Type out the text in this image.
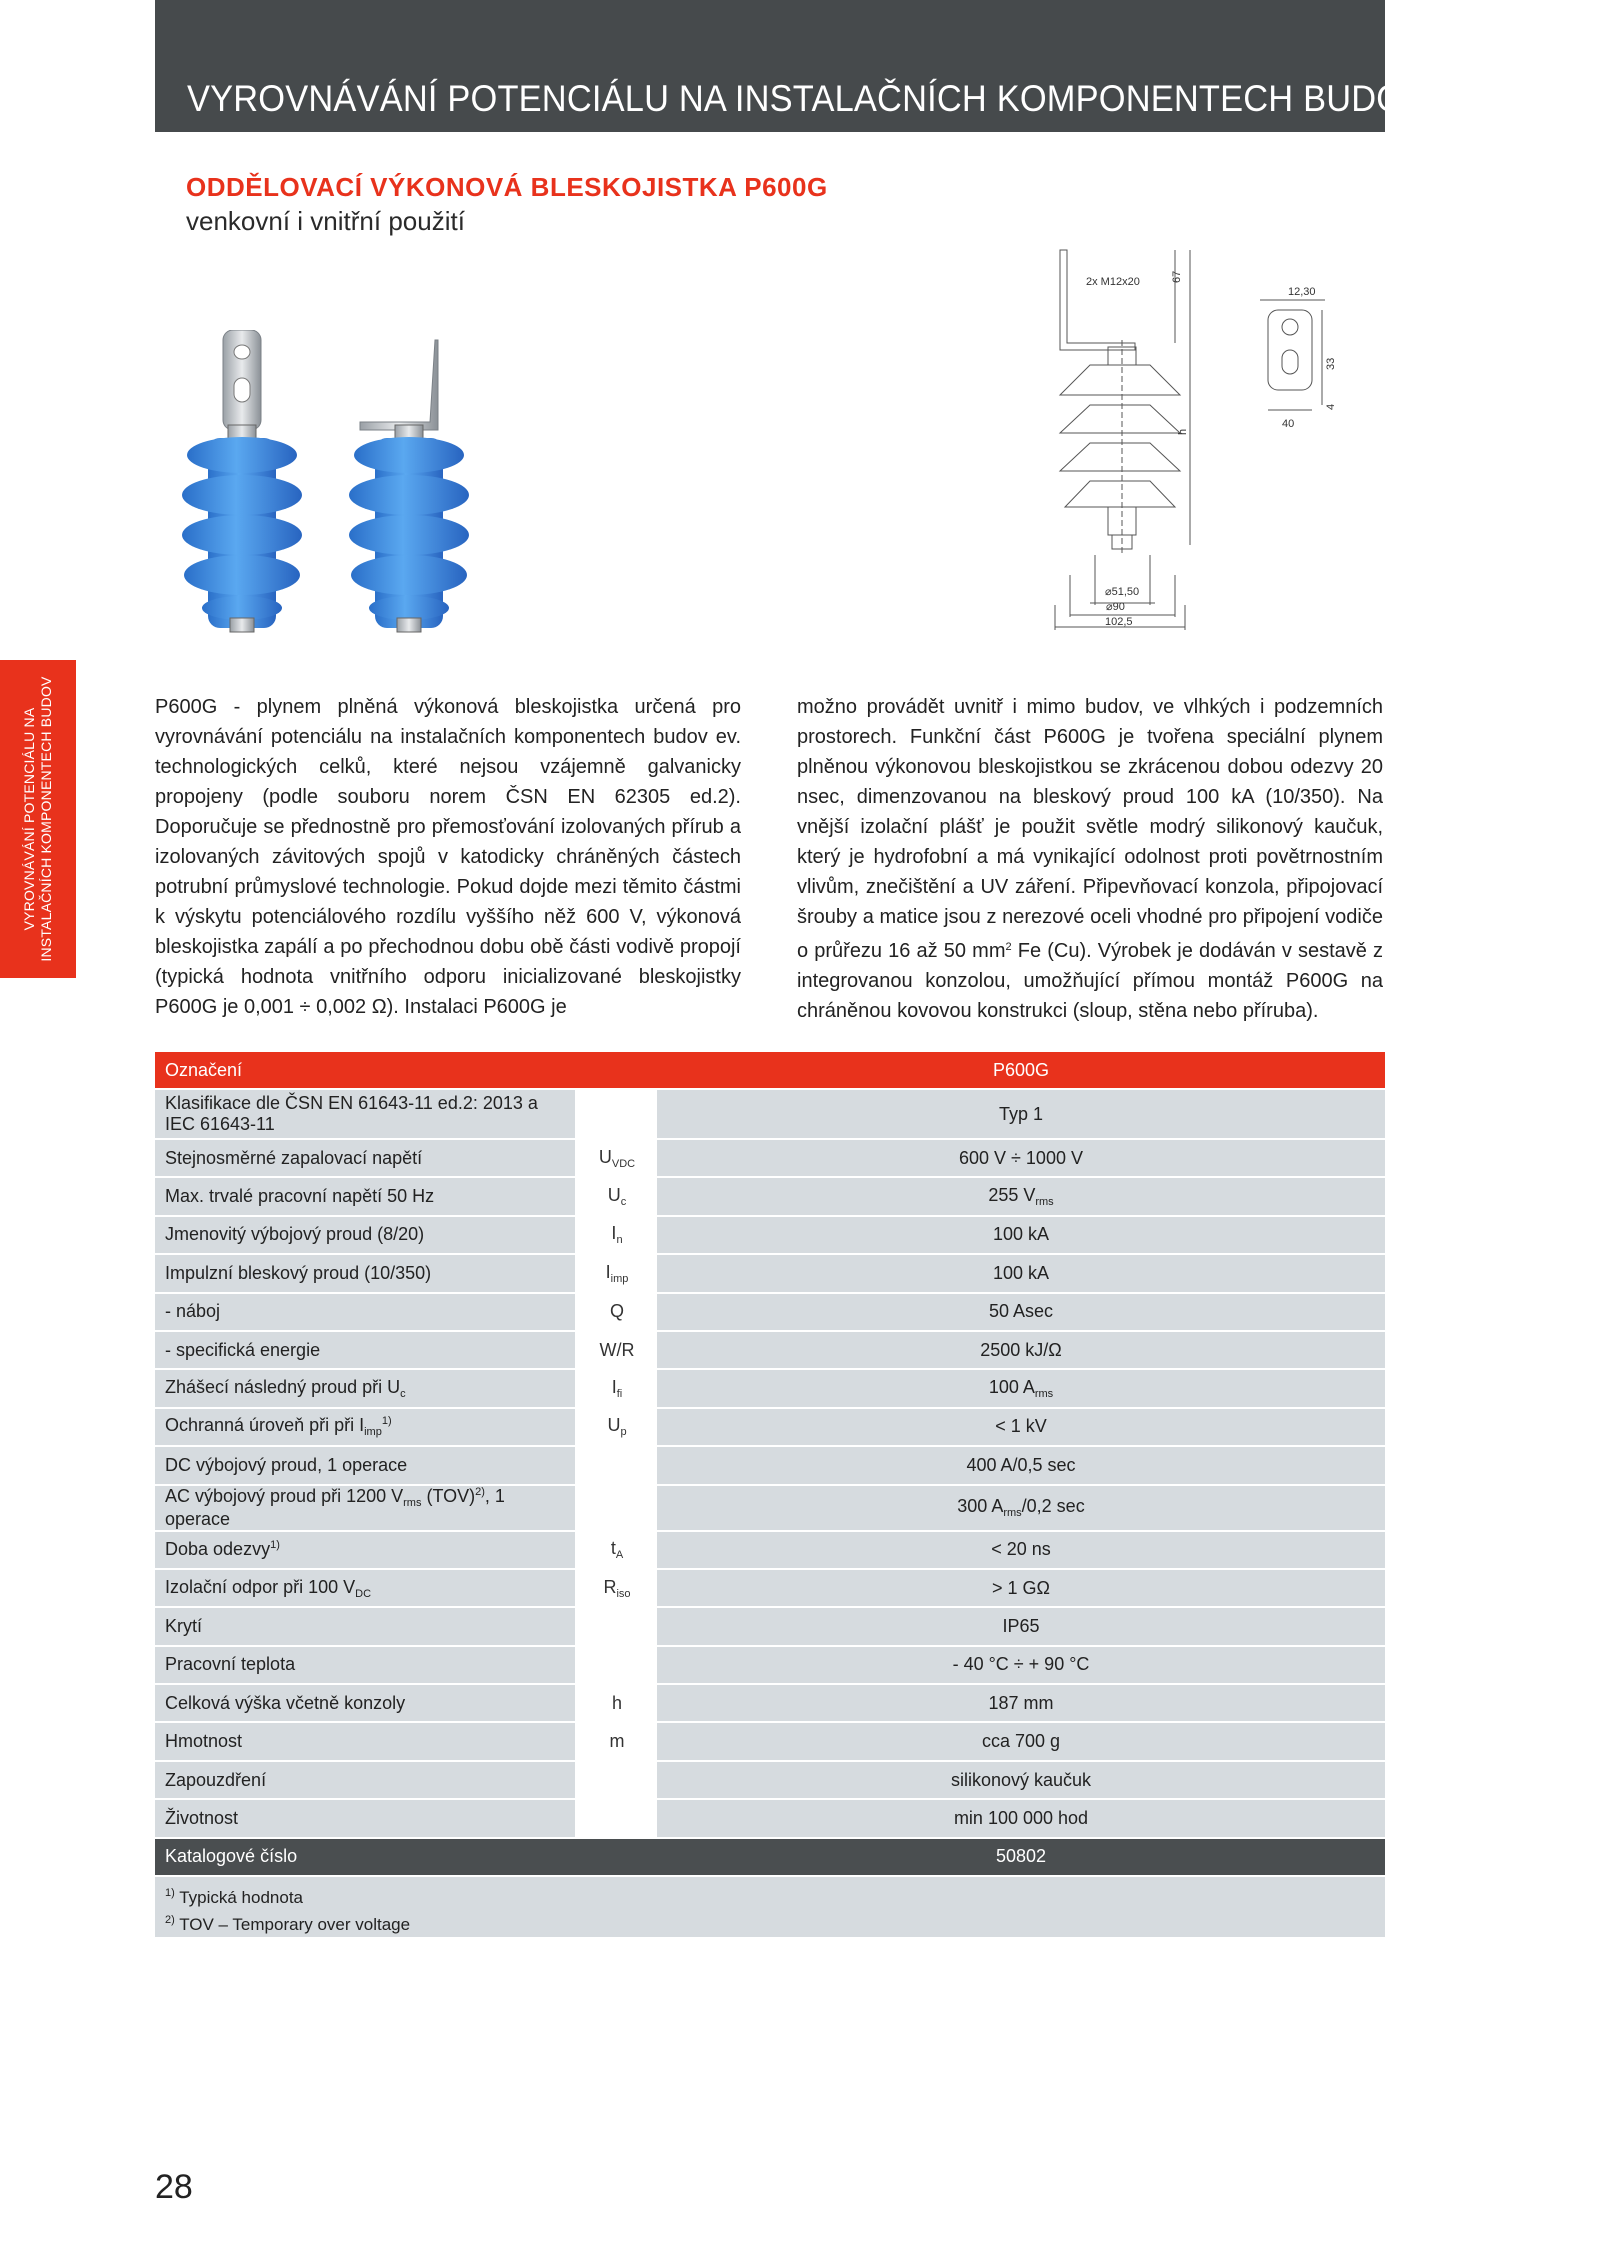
VYROVNÁVÁNÍ POTENCIÁLU NA INSTALAČNÍCH KOMPONENTECH BUDOV
ODDĚLOVACÍ VÝKONOVÁ BLESKOJISTKA P600G
venkovní i vnitřní použití
2x M12x20	67
h
⌀51,50
⌀90
102,5
12,30
33
4
40
VYROVNÁVÁNÍ POTENCIÁLU NA INSTALAČNÍCH KOMPONENTECH BUDOV	P600G - plynem plněná výkonová bleskojistka určená pro vyrovnávání potenciálu na instalačních komponentech budov ev. technologických celků, které nejsou vzájemně galvanicky propojeny (podle souboru norem ČSN EN 62305 ed.2). Doporučuje se přednostně pro přemosťování izolovaných přírub a izolovaných závitových spojů v katodicky chráněných částech potrubní průmyslové technologie. Pokud dojde mezi těmito částmi k výskytu potenciálového rozdílu vyššího něž 600 V, výkonová bleskojistka zapálí a po přechodnou dobu obě části vodivě propojí (typická hodnota vnitřního odporu inicializované bleskojistky P600G je 0,001 ÷ 0,002 Ω). Instalaci P600G je
možno provádět uvnitř i mimo budov, ve vlhkých i podzemních prostorech. Funkční část P600G je tvořena speciální plynem plněnou výkonovou bleskojistkou se zkrácenou dobou odezvy 20 nsec, dimenzovanou na bleskový proud 100 kA (10/350). Na vnější izolační plášť je použit světle modrý silikonový kaučuk, který je hydrofobní a má vynikající odolnost proti povětrnostním vlivům, znečištění a UV záření. Připevňovací konzola, připojovací šrouby a matice jsou z nerezové oceli vhodné pro připojení vodiče o průřezu 16 až 50 $mm^2$ Fe (Cu). Výrobek je dodáván v sestavě z integrovanou konzolou, umožňující přímou montáž P600G na chráněnou kovovou konstrukci (sloup, stěna nebo příruba).
Označení		P600G
Klasifikace dle ČSN EN 61643-11 ed.2: 2013 a IEC 61643-11		Typ 1
Stejnosměrné zapalovací napětí	$U_{VDC}$	600 V ÷ 1000 V
Max. trvalé pracovní napětí 50 Hz	$U_c$	255 $V_{rms}$
Jmenovitý výbojový proud (8/20)	$I_n$	100 kA
Impulzní bleskový proud (10/350)	$I_{imp}$	100 kA
- náboj	Q	50 Asec
- specifická energie	W/R	2500 kJ/Ω
Zhášecí následný proud při $U_c$	$I_{fi}$	100 $A_{rms}$
Ochranná úroveň při při $I_{imp}^{1)}$	$U_p$	< 1 kV
DC výbojový proud, 1 operace		400 A/0,5 sec
AC výbojový proud při 1200 $V_{rms}$ (TOV)$^{2)}$, 1 operace		300 $A_{rms}/0,2$ sec
Doba odezvy$^{1)}$	$t_A$	< 20 ns
Izolační odpor při 100 $V_{DC}$	$R_{iso}$	> 1 GΩ
Krytí		IP65
Pracovní teplota		- 40 °C ÷ + 90 °C
Celková výška včetně konzoly	h	187 mm
Hmotnost	m	cca 700 g
Zapouzdření		silikonový kaučuk
Životnost		min 100 000 hod
Katalogové číslo		50802

$^{1)}$ Typická hodnota
$^{2)}$ TOV – Temporary over voltage		
28
